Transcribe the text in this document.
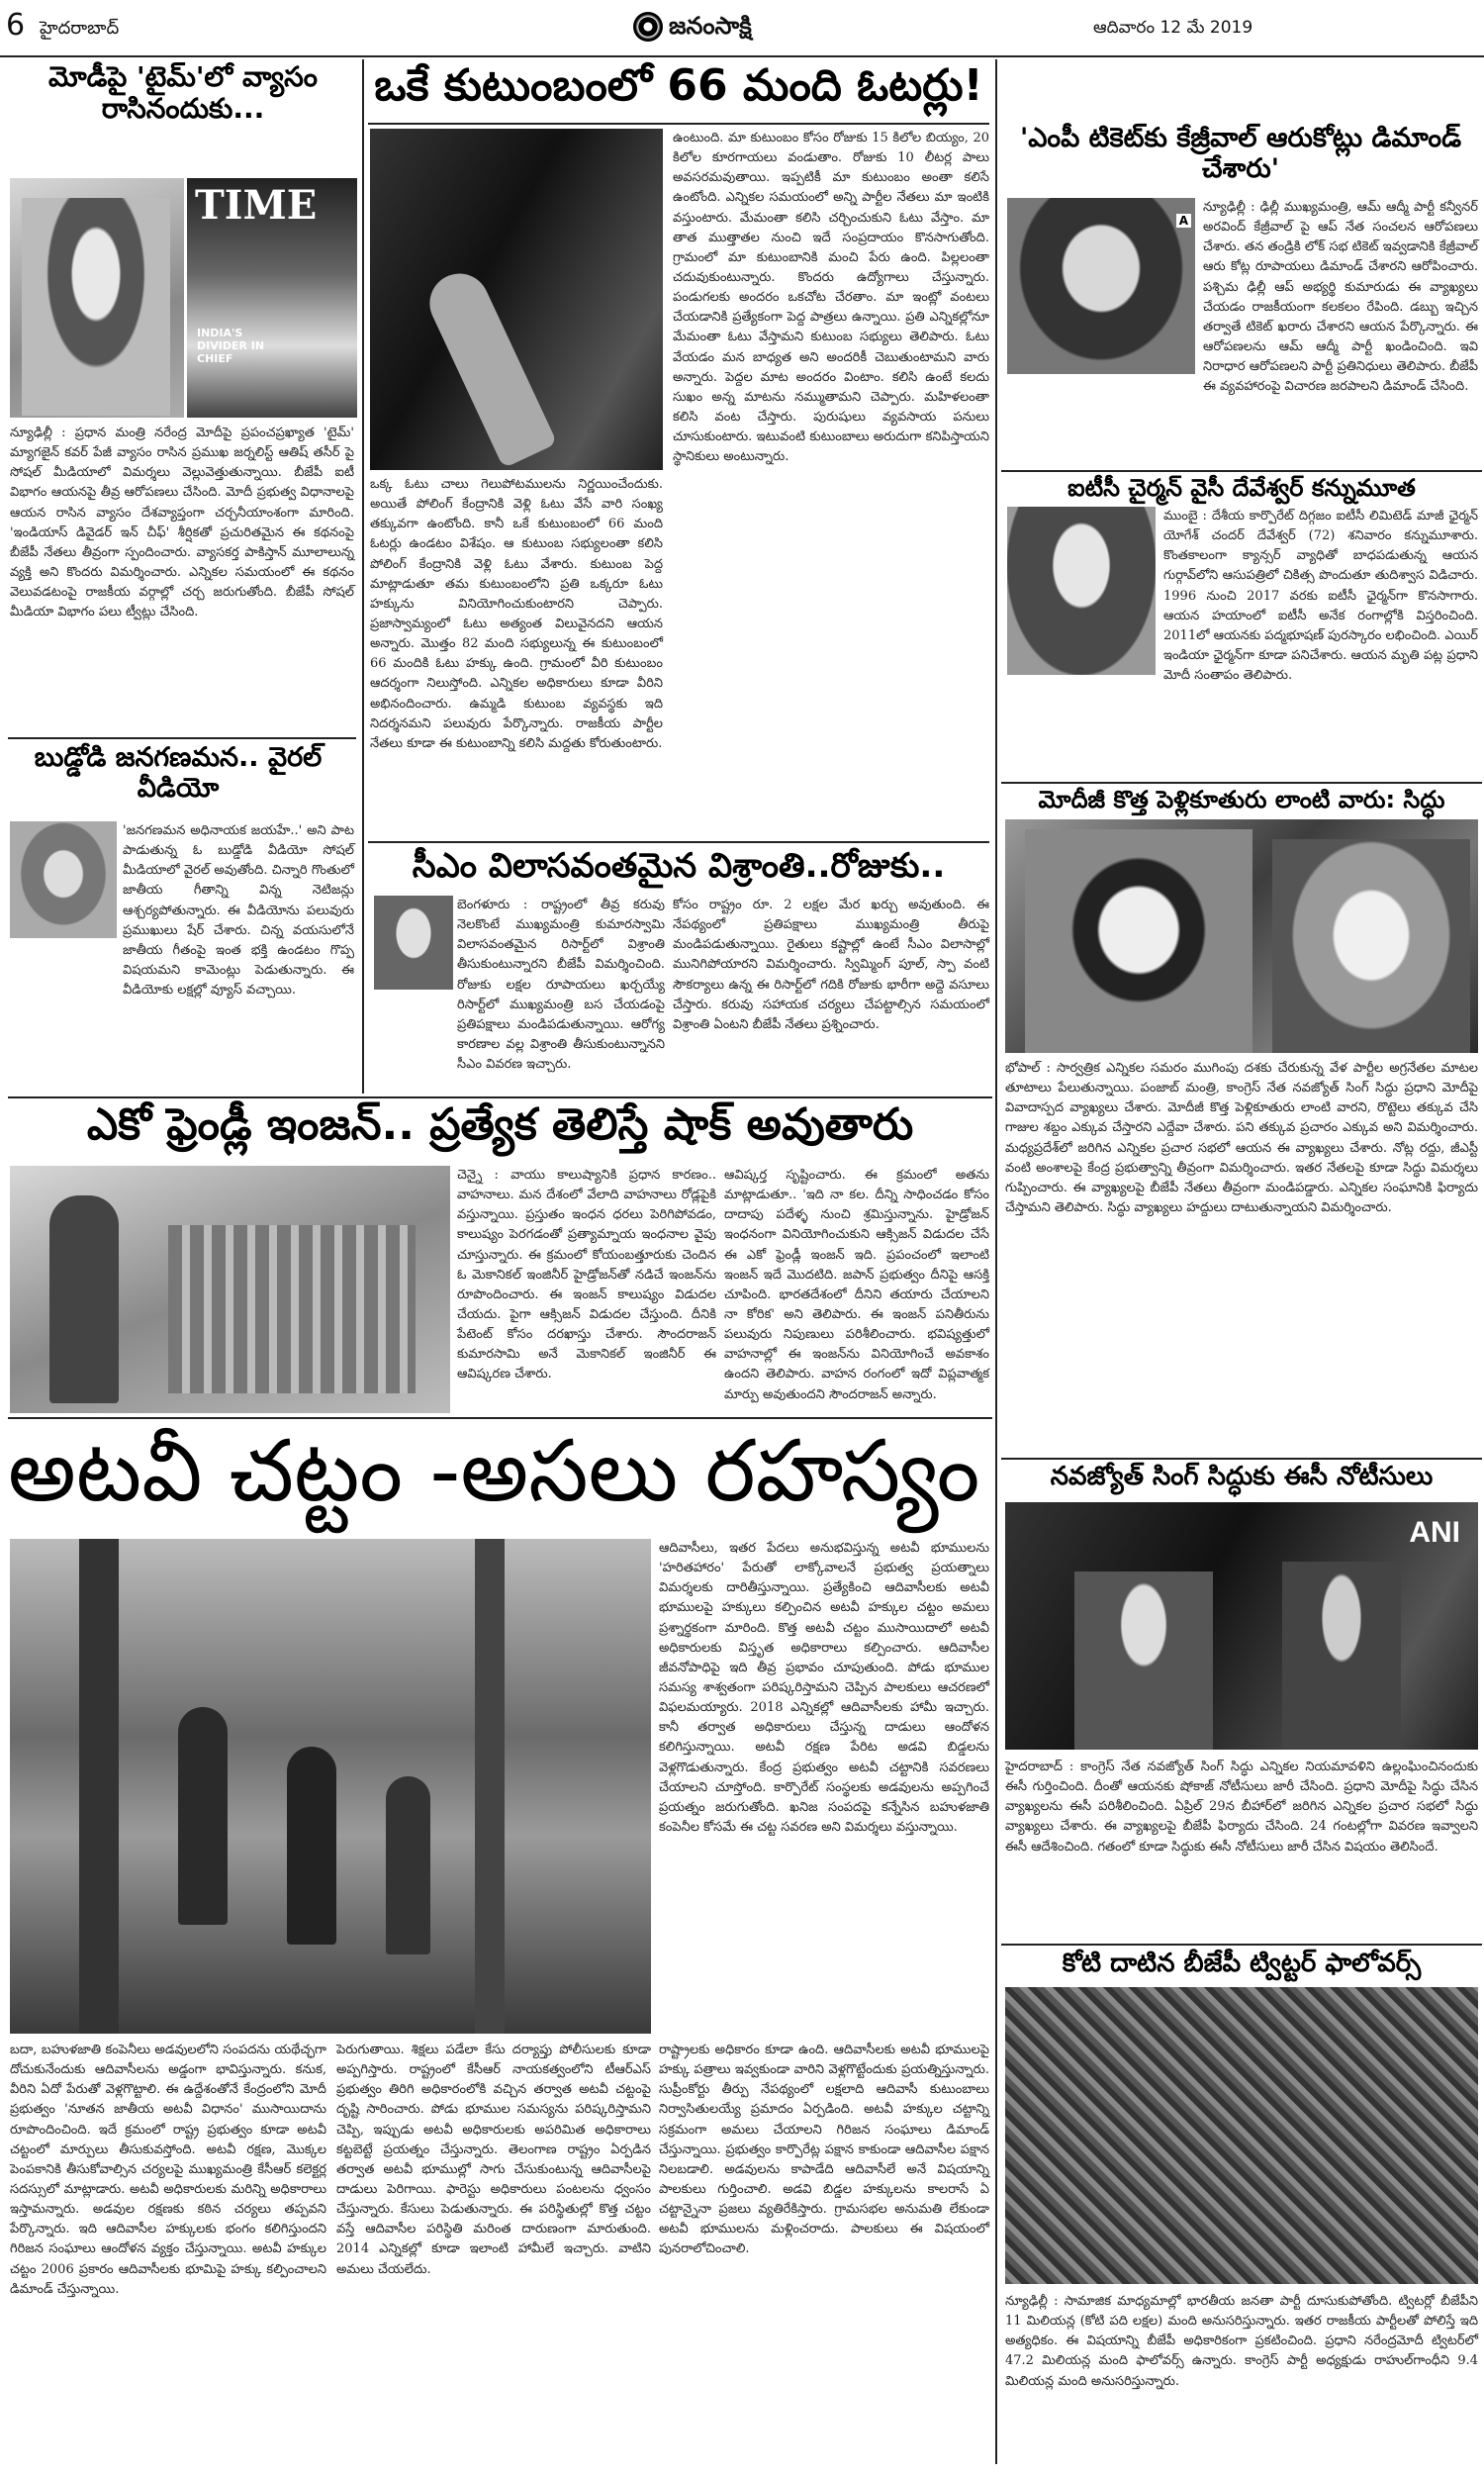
6 హైదరాబాద్	జనంసాక్షి	ఆదివారం 12 మే 2019
మోడీపై 'టైమ్'లో వ్యాసం రాసినందుకు...
TIME
INDIA'S DIVIDER IN CHIEF
న్యూఢిల్లీ : ప్రధాన మంత్రి నరేంద్ర మోదీపై ప్రపంచప్రఖ్యాత 'టైమ్' మ్యాగజైన్ కవర్ పేజీ వ్యాసం రాసిన ప్రముఖ జర్నలిస్ట్ ఆతిష్ తసీర్ పై సోషల్ మీడియాలో విమర్శలు వెల్లువెత్తుతున్నాయి. బీజేపీ ఐటీ విభాగం ఆయనపై తీవ్ర ఆరోపణలు చేసింది. మోదీ ప్రభుత్వ విధానాలపై ఆయన రాసిన వ్యాసం దేశవ్యాప్తంగా చర్చనీయాంశంగా మారింది. 'ఇండియాస్ డివైడర్ ఇన్ చీఫ్' శీర్షికతో ప్రచురితమైన ఈ కథనంపై బీజేపీ నేతలు తీవ్రంగా స్పందించారు. వ్యాసకర్త పాకిస్తాన్ మూలాలున్న వ్యక్తి అని కొందరు విమర్శించారు. ఎన్నికల సమయంలో ఈ కథనం వెలువడటంపై రాజకీయ వర్గాల్లో చర్చ జరుగుతోంది. బీజేపీ సోషల్ మీడియా విభాగం పలు ట్వీట్లు చేసింది.
బుడ్డోడి జనగణమన.. వైరల్ వీడియో
'జనగణమన అధినాయక జయహే..' అని పాట పాడుతున్న ఓ బుడ్డోడి వీడియో సోషల్ మీడియాలో వైరల్ అవుతోంది. చిన్నారి గొంతులో జాతీయ గీతాన్ని విన్న నెటిజన్లు ఆశ్చర్యపోతున్నారు. ఈ వీడియోను పలువురు ప్రముఖులు షేర్ చేశారు. చిన్న వయసులోనే జాతీయ గీతంపై ఇంత భక్తి ఉండటం గొప్ప విషయమని కామెంట్లు పెడుతున్నారు. ఈ వీడియోకు లక్షల్లో వ్యూస్ వచ్చాయి.
ఒకే కుటుంబంలో 66 మంది ఓటర్లు!
ఒక్క ఓటు చాలు గెలుపోటములను నిర్ణయించేందుకు. అయితే పోలింగ్ కేంద్రానికి వెళ్లి ఓటు వేసే వారి సంఖ్య తక్కువగా ఉంటోంది. కానీ ఒకే కుటుంబంలో 66 మంది ఓటర్లు ఉండటం విశేషం. ఆ కుటుంబ సభ్యులంతా కలిసి పోలింగ్ కేంద్రానికి వెళ్లి ఓటు వేశారు. కుటుంబ పెద్ద మాట్లాడుతూ తమ కుటుంబంలోని ప్రతి ఒక్కరూ ఓటు హక్కును వినియోగించుకుంటారని చెప్పారు. ప్రజాస్వామ్యంలో ఓటు అత్యంత విలువైనదని ఆయన అన్నారు. మొత్తం 82 మంది సభ్యులున్న ఈ కుటుంబంలో 66 మందికి ఓటు హక్కు ఉంది. గ్రామంలో వీరి కుటుంబం ఆదర్శంగా నిలుస్తోంది. ఎన్నికల అధికారులు కూడా వీరిని అభినందించారు. ఉమ్మడి కుటుంబ వ్యవస్థకు ఇది నిదర్శనమని పలువురు పేర్కొన్నారు. రాజకీయ పార్టీల నేతలు కూడా ఈ కుటుంబాన్ని కలిసి మద్దతు కోరుతుంటారు.
ఉంటుంది. మా కుటుంబం కోసం రోజుకు 15 కిలోల బియ్యం, 20 కిలోల కూరగాయలు వండుతాం. రోజుకు 10 లీటర్ల పాలు అవసరమవుతాయి. ఇప్పటికీ మా కుటుంబం అంతా కలిసే ఉంటోంది. ఎన్నికల సమయంలో అన్ని పార్టీల నేతలు మా ఇంటికి వస్తుంటారు. మేమంతా కలిసి చర్చించుకుని ఓటు వేస్తాం. మా తాత ముత్తాతల నుంచి ఇదే సంప్రదాయం కొనసాగుతోంది. గ్రామంలో మా కుటుంబానికి మంచి పేరు ఉంది. పిల్లలంతా చదువుకుంటున్నారు. కొందరు ఉద్యోగాలు చేస్తున్నారు. పండుగలకు అందరం ఒకచోట చేరతాం. మా ఇంట్లో వంటలు చేయడానికి ప్రత్యేకంగా పెద్ద పాత్రలు ఉన్నాయి. ప్రతి ఎన్నికల్లోనూ మేమంతా ఓటు వేస్తామని కుటుంబ సభ్యులు తెలిపారు. ఓటు వేయడం మన బాధ్యత అని అందరికీ చెబుతుంటామని వారు అన్నారు. పెద్దల మాట అందరం వింటాం. కలిసి ఉంటే కలదు సుఖం అన్న మాటను నమ్ముతామని చెప్పారు. మహిళలంతా కలిసి వంట చేస్తారు. పురుషులు వ్యవసాయ పనులు చూసుకుంటారు. ఇటువంటి కుటుంబాలు అరుదుగా కనిపిస్తాయని స్థానికులు అంటున్నారు.
సీఎం విలాసవంతమైన విశ్రాంతి..రోజుకు..
బెంగళూరు : రాష్ట్రంలో తీవ్ర కరువు నెలకొంటే ముఖ్యమంత్రి కుమారస్వామి విలాసవంతమైన రిసార్ట్‌లో విశ్రాంతి తీసుకుంటున్నారని బీజేపీ విమర్శించింది. రోజుకు లక్షల రూపాయలు ఖర్చయ్యే రిసార్ట్‌లో ముఖ్యమంత్రి బస చేయడంపై ప్రతిపక్షాలు మండిపడుతున్నాయి. ఆరోగ్య కారణాల వల్ల విశ్రాంతి తీసుకుంటున్నానని సీఎం వివరణ ఇచ్చారు.
కోసం రాష్ట్రం రూ. 2 లక్షల మేర ఖర్చు అవుతుంది. ఈ నేపథ్యంలో ప్రతిపక్షాలు ముఖ్యమంత్రి తీరుపై మండిపడుతున్నాయి. రైతులు కష్టాల్లో ఉంటే సీఎం విలాసాల్లో మునిగిపోయారని విమర్శించారు. స్విమ్మింగ్ పూల్, స్పా వంటి సౌకర్యాలు ఉన్న ఈ రిసార్ట్‌లో గదికి రోజుకు భారీగా అద్దె వసూలు చేస్తారు. కరువు సహాయక చర్యలు చేపట్టాల్సిన సమయంలో విశ్రాంతి ఏంటని బీజేపీ నేతలు ప్రశ్నించారు.
ఎకో ఫ్రెండ్లీ ఇంజన్.. ప్రత్యేక తెలిస్తే షాక్ అవుతారు
చెన్నై : వాయు కాలుష్యానికి ప్రధాన కారణం.. వాహనాలు. మన దేశంలో వేలాది వాహనాలు రోడ్లపైకి వస్తున్నాయి. ప్రస్తుతం ఇంధన ధరలు పెరిగిపోవడం, కాలుష్యం పెరగడంతో ప్రత్యామ్నాయ ఇంధనాల వైపు చూస్తున్నారు. ఈ క్రమంలో కోయంబత్తూరుకు చెందిన ఓ మెకానికల్ ఇంజినీర్ హైడ్రోజన్‌తో నడిచే ఇంజన్‌ను రూపొందించారు. ఈ ఇంజన్ కాలుష్యం విడుదల చేయదు. పైగా ఆక్సిజన్ విడుదల చేస్తుంది. దీనికి పేటెంట్ కోసం దరఖాస్తు చేశారు. సౌందరాజన్ కుమారసామి అనే మెకానికల్ ఇంజినీర్ ఈ ఆవిష్కరణ చేశారు.
ఆవిష్కర్త సృష్టించారు. ఈ క్రమంలో అతను మాట్లాడుతూ.. 'ఇది నా కల. దీన్ని సాధించడం కోసం దాదాపు పదేళ్ళ నుంచి శ్రమిస్తున్నాను. హైడ్రోజన్ ఇంధనంగా వినియోగించుకుని ఆక్సిజన్ విడుదల చేసే ఈ ఎకో ఫ్రెండ్లీ ఇంజన్ ఇది. ప్రపంచంలో ఇలాంటి ఇంజన్ ఇదే మొదటిది. జపాన్ ప్రభుత్వం దీనిపై ఆసక్తి చూపింది. భారతదేశంలో దీనిని తయారు చేయాలని నా కోరిక' అని తెలిపారు. ఈ ఇంజన్ పనితీరును పలువురు నిపుణులు పరిశీలించారు. భవిష్యత్తులో వాహనాల్లో ఈ ఇంజన్‌ను వినియోగించే అవకాశం ఉందని తెలిపారు. వాహన రంగంలో ఇదో విప్లవాత్మక మార్పు అవుతుందని సౌందరాజన్ అన్నారు.
అటవీ చట్టం -అసలు రహస్యం
ఆదివాసీలు, ఇతర పేదలు అనుభవిస్తున్న అటవీ భూములను 'హరితహారం' పేరుతో లాక్కోవాలనే ప్రభుత్వ ప్రయత్నాలు విమర్శలకు దారితీస్తున్నాయి. ప్రత్యేకించి ఆదివాసీలకు అటవీ భూములపై హక్కులు కల్పించిన అటవీ హక్కుల చట్టం అమలు ప్రశ్నార్థకంగా మారింది. కొత్త అటవీ చట్టం ముసాయిదాలో అటవీ అధికారులకు విస్తృత అధికారాలు కల్పించారు. ఆదివాసీల జీవనోపాధిపై ఇది తీవ్ర ప్రభావం చూపుతుంది. పోడు భూముల సమస్య శాశ్వతంగా పరిష్కరిస్తామని చెప్పిన పాలకులు ఆచరణలో విఫలమయ్యారు. 2018 ఎన్నికల్లో ఆదివాసీలకు హామీ ఇచ్చారు. కానీ తర్వాత అధికారులు చేస్తున్న దాడులు ఆందోళన కలిగిస్తున్నాయి. అటవీ రక్షణ పేరిట అడవి బిడ్డలను వెళ్లగొడుతున్నారు. కేంద్ర ప్రభుత్వం అటవీ చట్టానికి సవరణలు చేయాలని చూస్తోంది. కార్పొరేట్ సంస్థలకు అడవులను అప్పగించే ప్రయత్నం జరుగుతోంది. ఖనిజ సంపదపై కన్నేసిన బహుళజాతి కంపెనీల కోసమే ఈ చట్ట సవరణ అని విమర్శలు వస్తున్నాయి.
బదా, బహుళజాతి కంపెనీలు అడవులలోని సంపదను యథేచ్ఛగా దోచుకునేందుకు ఆదివాసీలను అడ్డంగా భావిస్తున్నారు. కనుక, వీరిని ఏదో పేరుతో వెళ్లగొట్టాలి. ఈ ఉద్దేశంతోనే కేంద్రంలోని మోదీ ప్రభుత్వం 'నూతన జాతీయ అటవీ విధానం' ముసాయిదాను రూపొందించింది. ఇదే క్రమంలో రాష్ట్ర ప్రభుత్వం కూడా అటవీ చట్టంలో మార్పులు తీసుకువస్తోంది. అటవీ రక్షణ, మొక్కల పెంపకానికి తీసుకోవాల్సిన చర్యలపై ముఖ్యమంత్రి కేసీఆర్ కలెక్టర్ల సదస్సులో మాట్లాడారు. అటవీ అధికారులకు మరిన్ని అధికారాలు ఇస్తామన్నారు. అడవుల రక్షణకు కఠిన చర్యలు తప్పవని పేర్కొన్నారు. ఇది ఆదివాసీల హక్కులకు భంగం కలిగిస్తుందని గిరిజన సంఘాలు ఆందోళన వ్యక్తం చేస్తున్నాయి. అటవీ హక్కుల చట్టం 2006 ప్రకారం ఆదివాసీలకు భూమిపై హక్కు కల్పించాలని డిమాండ్ చేస్తున్నాయి.
పెరుగుతాయి. శిక్షలు పడేలా కేసు దర్యాప్తు పోలీసులకు కూడా అప్పగిస్తారు. రాష్ట్రంలో కేసీఆర్ నాయకత్వంలోని టీఆర్ఎస్ ప్రభుత్వం తిరిగి అధికారంలోకి వచ్చిన తర్వాత అటవీ చట్టంపై దృష్టి సారించారు. పోడు భూముల సమస్యను పరిష్కరిస్తామని చెప్పి, ఇప్పుడు అటవీ అధికారులకు అపరిమిత అధికారాలు కట్టబెట్టే ప్రయత్నం చేస్తున్నారు. తెలంగాణ రాష్ట్రం ఏర్పడిన తర్వాత అటవీ భూముల్లో సాగు చేసుకుంటున్న ఆదివాసీలపై దాడులు పెరిగాయి. ఫారెస్టు అధికారులు పంటలను ధ్వంసం చేస్తున్నారు. కేసులు పెడుతున్నారు. ఈ పరిస్థితుల్లో కొత్త చట్టం వస్తే ఆదివాసీల పరిస్థితి మరింత దారుణంగా మారుతుంది. 2014 ఎన్నికల్లో కూడా ఇలాంటి హామీలే ఇచ్చారు. వాటిని అమలు చేయలేదు.
రాష్ట్రాలకు అధికారం కూడా ఉంది. ఆదివాసీలకు అటవీ భూములపై హక్కు పత్రాలు ఇవ్వకుండా వారిని వెళ్లగొట్టేందుకు ప్రయత్నిస్తున్నారు. సుప్రీంకోర్టు తీర్పు నేపథ్యంలో లక్షలాది ఆదివాసీ కుటుంబాలు నిర్వాసితులయ్యే ప్రమాదం ఏర్పడింది. అటవీ హక్కుల చట్టాన్ని సక్రమంగా అమలు చేయాలని గిరిజన సంఘాలు డిమాండ్ చేస్తున్నాయి. ప్రభుత్వం కార్పొరేట్ల పక్షాన కాకుండా ఆదివాసీల పక్షాన నిలబడాలి. అడవులను కాపాడేది ఆదివాసీలే అనే విషయాన్ని పాలకులు గుర్తించాలి. అడవి బిడ్డల హక్కులను కాలరాసే ఏ చట్టాన్నైనా ప్రజలు వ్యతిరేకిస్తారు. గ్రామసభల అనుమతి లేకుండా అటవీ భూములను మళ్లించరాదు. పాలకులు ఈ విషయంలో పునరాలోచించాలి.
'ఎంపీ టికెట్‌కు కేజ్రీవాల్ ఆరుకోట్లు డిమాండ్ చేశారు'
A
న్యూఢిల్లీ : ఢిల్లీ ముఖ్యమంత్రి, ఆమ్ ఆద్మీ పార్టీ కన్వీనర్ అరవింద్ కేజ్రీవాల్ పై ఆప్ నేత సంచలన ఆరోపణలు చేశారు. తన తండ్రికి లోక్ సభ టికెట్ ఇవ్వడానికి కేజ్రీవాల్ ఆరు కోట్ల రూపాయలు డిమాండ్ చేశారని ఆరోపించారు. పశ్చిమ ఢిల్లీ ఆప్ అభ్యర్థి కుమారుడు ఈ వ్యాఖ్యలు చేయడం రాజకీయంగా కలకలం రేపింది. డబ్బు ఇచ్చిన తర్వాతే టికెట్ ఖరారు చేశారని ఆయన పేర్కొన్నారు. ఈ ఆరోపణలను ఆమ్ ఆద్మీ పార్టీ ఖండించింది. ఇవి నిరాధార ఆరోపణలని పార్టీ ప్రతినిధులు తెలిపారు. బీజేపీ ఈ వ్యవహారంపై విచారణ జరపాలని డిమాండ్ చేసింది.
ఐటీసీ చైర్మన్ వైసీ దేవేశ్వర్ కన్నుమూత
ముంబై : దేశీయ కార్పొరేట్ దిగ్గజం ఐటీసీ లిమిటెడ్ మాజీ ఛైర్మన్ యోగేశ్ చందర్ దేవేశ్వర్ (72) శనివారం కన్నుమూశారు. కొంతకాలంగా క్యాన్సర్ వ్యాధితో బాధపడుతున్న ఆయన గుర్గావ్‌లోని ఆసుపత్రిలో చికిత్స పొందుతూ తుదిశ్వాస విడిచారు. 1996 నుంచి 2017 వరకు ఐటీసీ ఛైర్మన్‌గా కొనసాగారు. ఆయన హయాంలో ఐటీసీ అనేక రంగాల్లోకి విస్తరించింది. 2011లో ఆయనకు పద్మభూషణ్ పురస్కారం లభించింది. ఎయిర్ ఇండియా ఛైర్మన్‌గా కూడా పనిచేశారు. ఆయన మృతి పట్ల ప్రధాని మోదీ సంతాపం తెలిపారు.
మోదీజీ కొత్త పెళ్లికూతురు లాంటి వారు: సిద్ధు
భోపాల్ : సార్వత్రిక ఎన్నికల సమరం ముగింపు దశకు చేరుకున్న వేళ పార్టీల అగ్రనేతల మాటల తూటాలు పేలుతున్నాయి. పంజాబ్ మంత్రి, కాంగ్రెస్ నేత నవజ్యోత్ సింగ్ సిద్ధు ప్రధాని మోదీపై వివాదాస్పద వ్యాఖ్యలు చేశారు. మోదీజీ కొత్త పెళ్లికూతురు లాంటి వారని, రొట్టెలు తక్కువ చేసి గాజుల శబ్దం ఎక్కువ చేస్తారని ఎద్దేవా చేశారు. పని తక్కువ ప్రచారం ఎక్కువ అని విమర్శించారు. మధ్యప్రదేశ్‌లో జరిగిన ఎన్నికల ప్రచార సభలో ఆయన ఈ వ్యాఖ్యలు చేశారు. నోట్ల రద్దు, జీఎస్టీ వంటి అంశాలపై కేంద్ర ప్రభుత్వాన్ని తీవ్రంగా విమర్శించారు. ఇతర నేతలపై కూడా సిద్ధు విమర్శలు గుప్పించారు. ఈ వ్యాఖ్యలపై బీజేపీ నేతలు తీవ్రంగా మండిపడ్డారు. ఎన్నికల సంఘానికి ఫిర్యాదు చేస్తామని తెలిపారు. సిద్ధు వ్యాఖ్యలు హద్దులు దాటుతున్నాయని విమర్శించారు.
నవజ్యోత్ సింగ్ సిద్ధుకు ఈసీ నోటీసులు
ANI
హైదరాబాద్ : కాంగ్రెస్ నేత నవజ్యోత్ సింగ్ సిద్ధు ఎన్నికల నియమావళిని ఉల్లంఘించినందుకు ఈసీ గుర్తించింది. దీంతో ఆయనకు షోకాజ్ నోటీసులు జారీ చేసింది. ప్రధాని మోదీపై సిద్ధు చేసిన వ్యాఖ్యలను ఈసీ పరిశీలించింది. ఏప్రిల్ 29న బీహార్‌లో జరిగిన ఎన్నికల ప్రచార సభలో సిద్ధు వ్యాఖ్యలు చేశారు. ఈ వ్యాఖ్యలపై బీజేపీ ఫిర్యాదు చేసింది. 24 గంటల్లోగా వివరణ ఇవ్వాలని ఈసీ ఆదేశించింది. గతంలో కూడా సిద్ధుకు ఈసీ నోటీసులు జారీ చేసిన విషయం తెలిసిందే.
కోటి దాటిన బీజేపీ ట్విట్టర్ ఫాలోవర్స్
న్యూఢిల్లీ : సామాజిక మాధ్యమాల్లో భారతీయ జనతా పార్టీ దూసుకుపోతోంది. ట్విటర్లో బీజేపీని 11 మిలియన్ల (కోటి పది లక్షల) మంది అనుసరిస్తున్నారు. ఇతర రాజకీయ పార్టీలతో పోలిస్తే ఇది అత్యధికం. ఈ విషయాన్ని బీజేపీ అధికారికంగా ప్రకటించింది. ప్రధాని నరేంద్రమోదీ ట్విటర్‌లో 47.2 మిలియన్ల మంది ఫాలోవర్స్ ఉన్నారు. కాంగ్రెస్ పార్టీ అధ్యక్షుడు రాహుల్‌గాంధీని 9.4 మిలియన్ల మంది అనుసరిస్తున్నారు.
